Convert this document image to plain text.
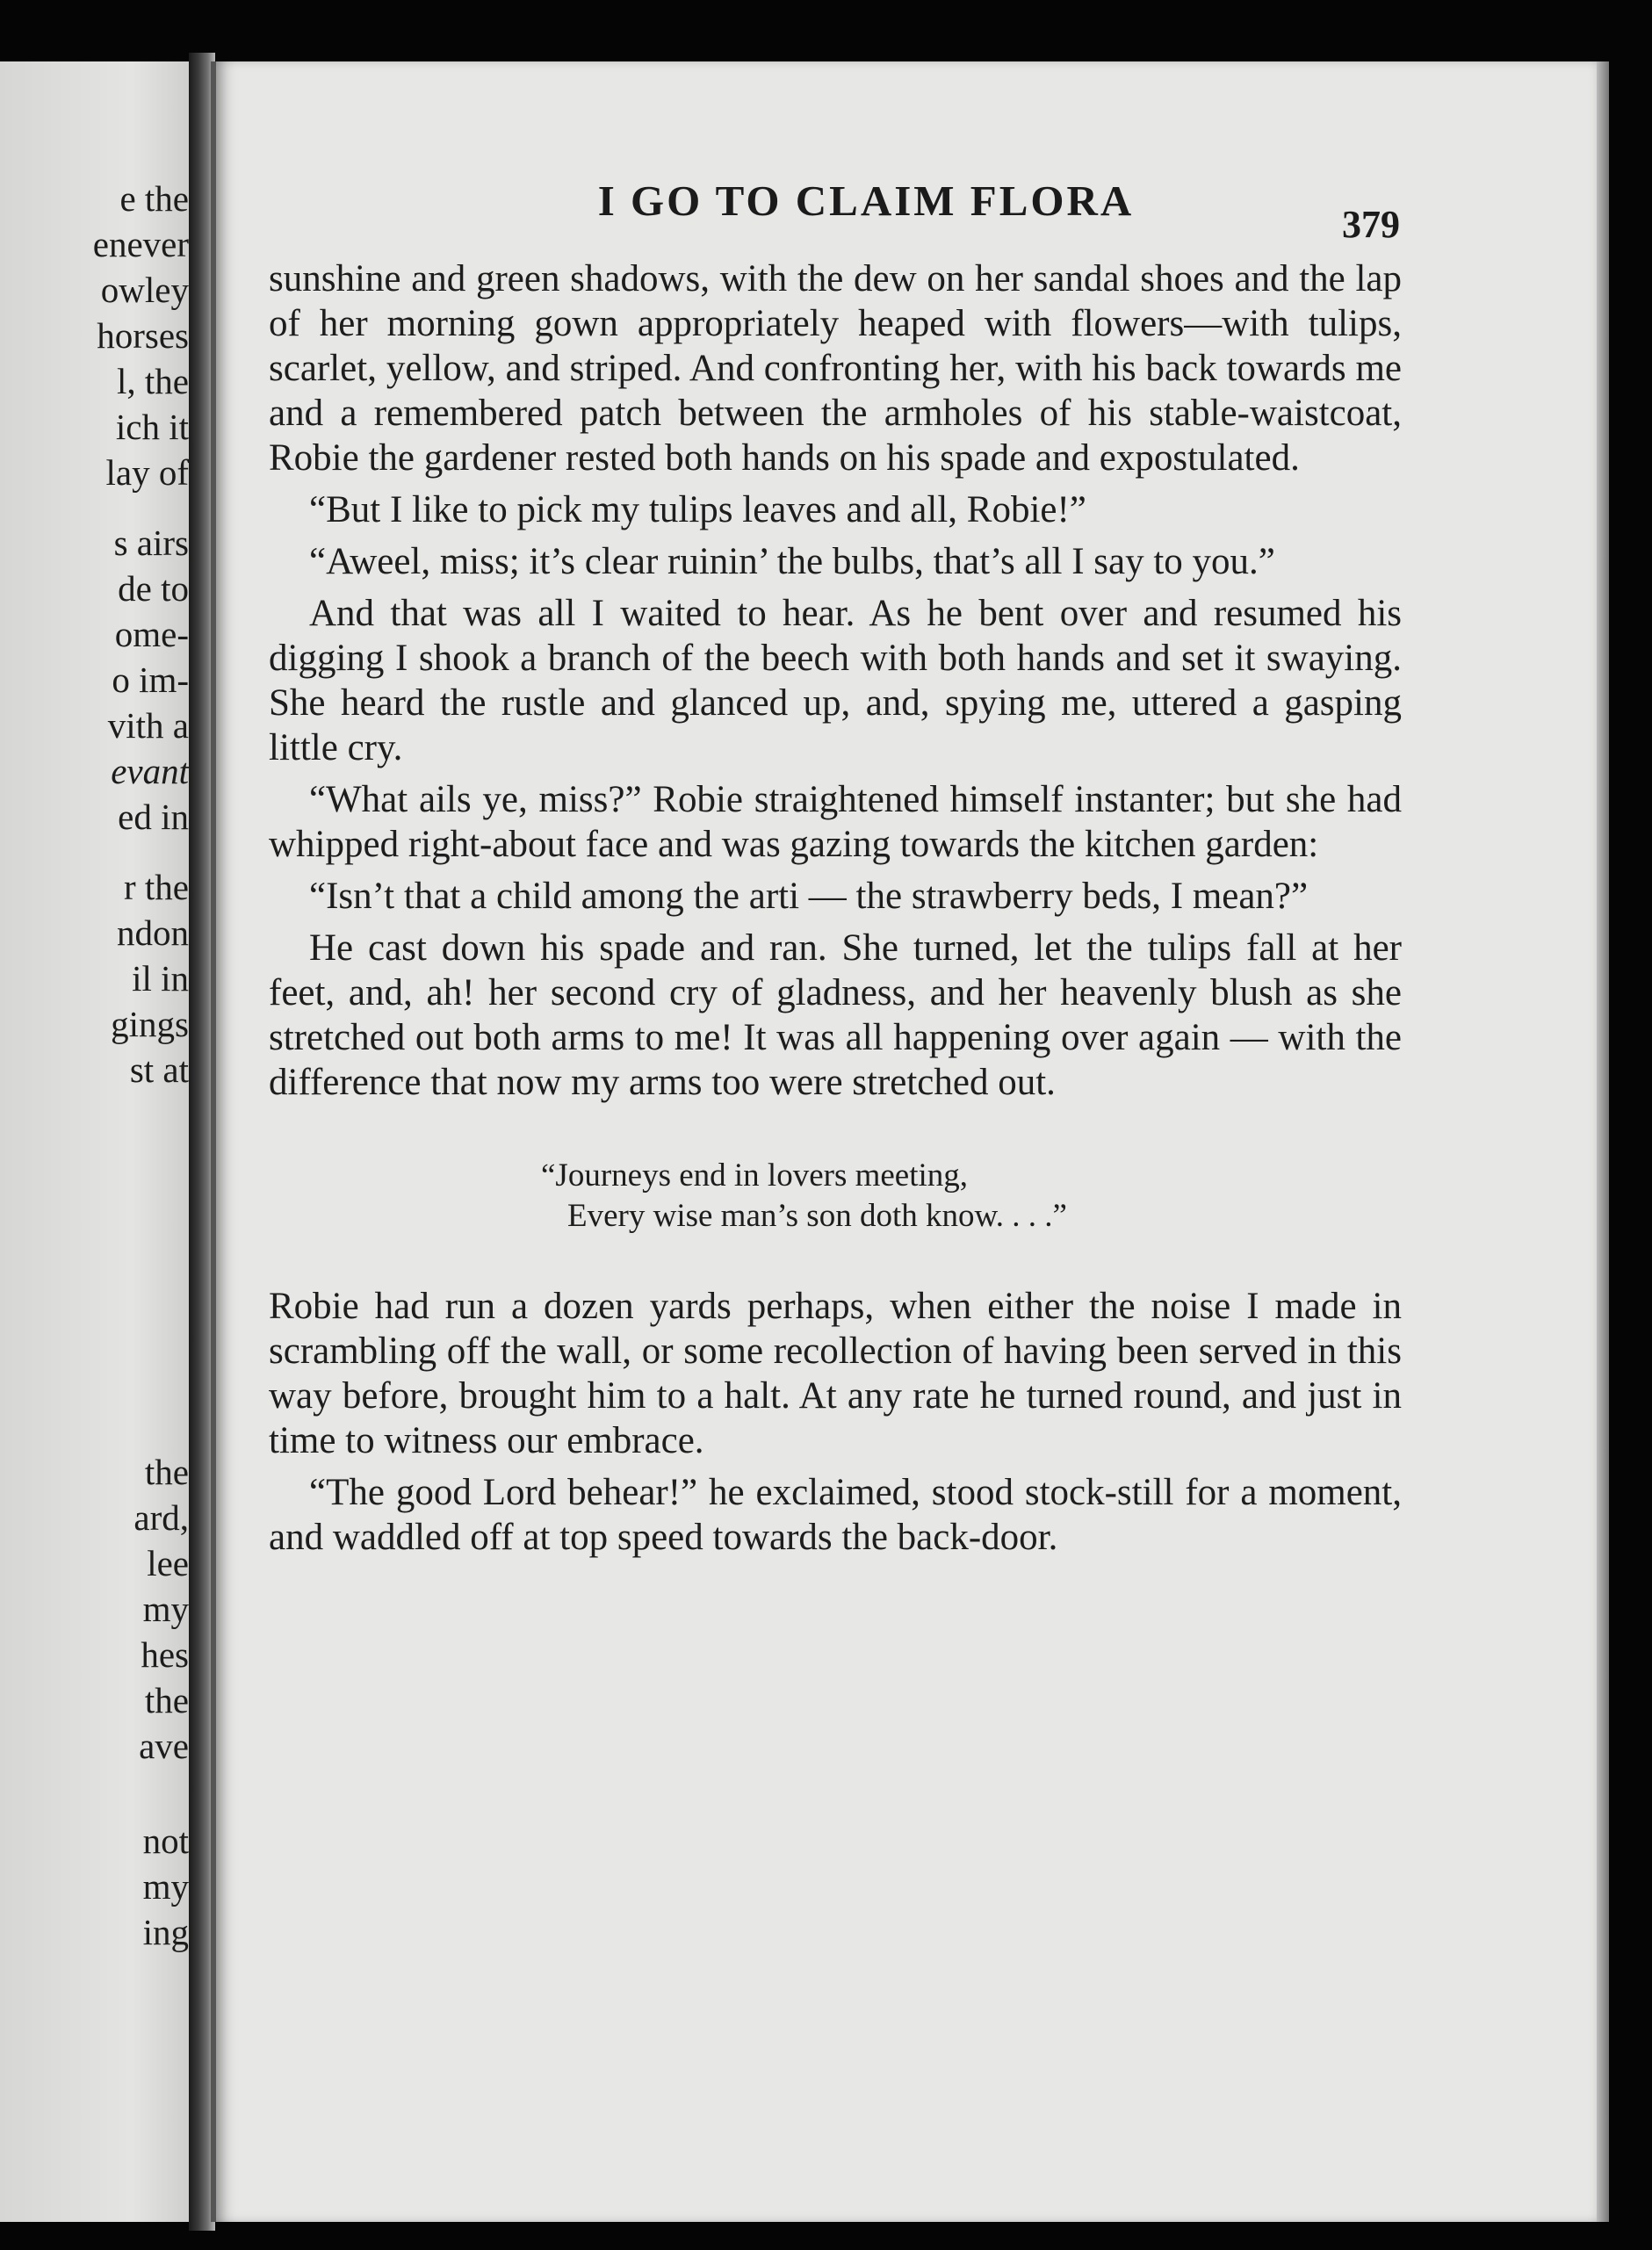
e the
enever
owley
horses
l, the
ich it
lay of
s airs
de to
ome-
o im-
vith a
evant
ed in
r the
ndon
il in
gings
st at
the
ard,
lee
my
hes
the
ave
not
my
ing
I GO TO CLAIM FLORA	379

sunshine and green shadows, with the dew on her sandal shoes and the lap of her morning gown appropriately heaped with flowers—with tulips, scarlet, yellow, and striped. And confronting her, with his back towards me and a remembered patch between the armholes of his stable-waistcoat, Robie the gardener rested both hands on his spade and expostulated.

“But I like to pick my tulips leaves and all, Robie!”

“Aweel, miss; it’s clear ruinin’ the bulbs, that’s all I say to you.”

And that was all I waited to hear. As he bent over and resumed his digging I shook a branch of the beech with both hands and set it swaying. She heard the rustle and glanced up, and, spying me, uttered a gasping little cry.

“What ails ye, miss?” Robie straightened himself instanter; but she had whipped right-about face and was gazing towards the kitchen garden:

“Isn’t that a child among the arti — the strawberry beds, I mean?”

He cast down his spade and ran. She turned, let the tulips fall at her feet, and, ah! her second cry of gladness, and her heavenly blush as she stretched out both arms to me! It was all happening over again — with the difference that now my arms too were stretched out.

“Journeys end in lovers meeting,
Every wise man’s son doth know. . . .”

Robie had run a dozen yards perhaps, when either the noise I made in scrambling off the wall, or some recollection of having been served in this way before, brought him to a halt. At any rate he turned round, and just in time to witness our embrace.

“The good Lord behear!” he exclaimed, stood stock-still for a moment, and waddled off at top speed towards the back-door.
